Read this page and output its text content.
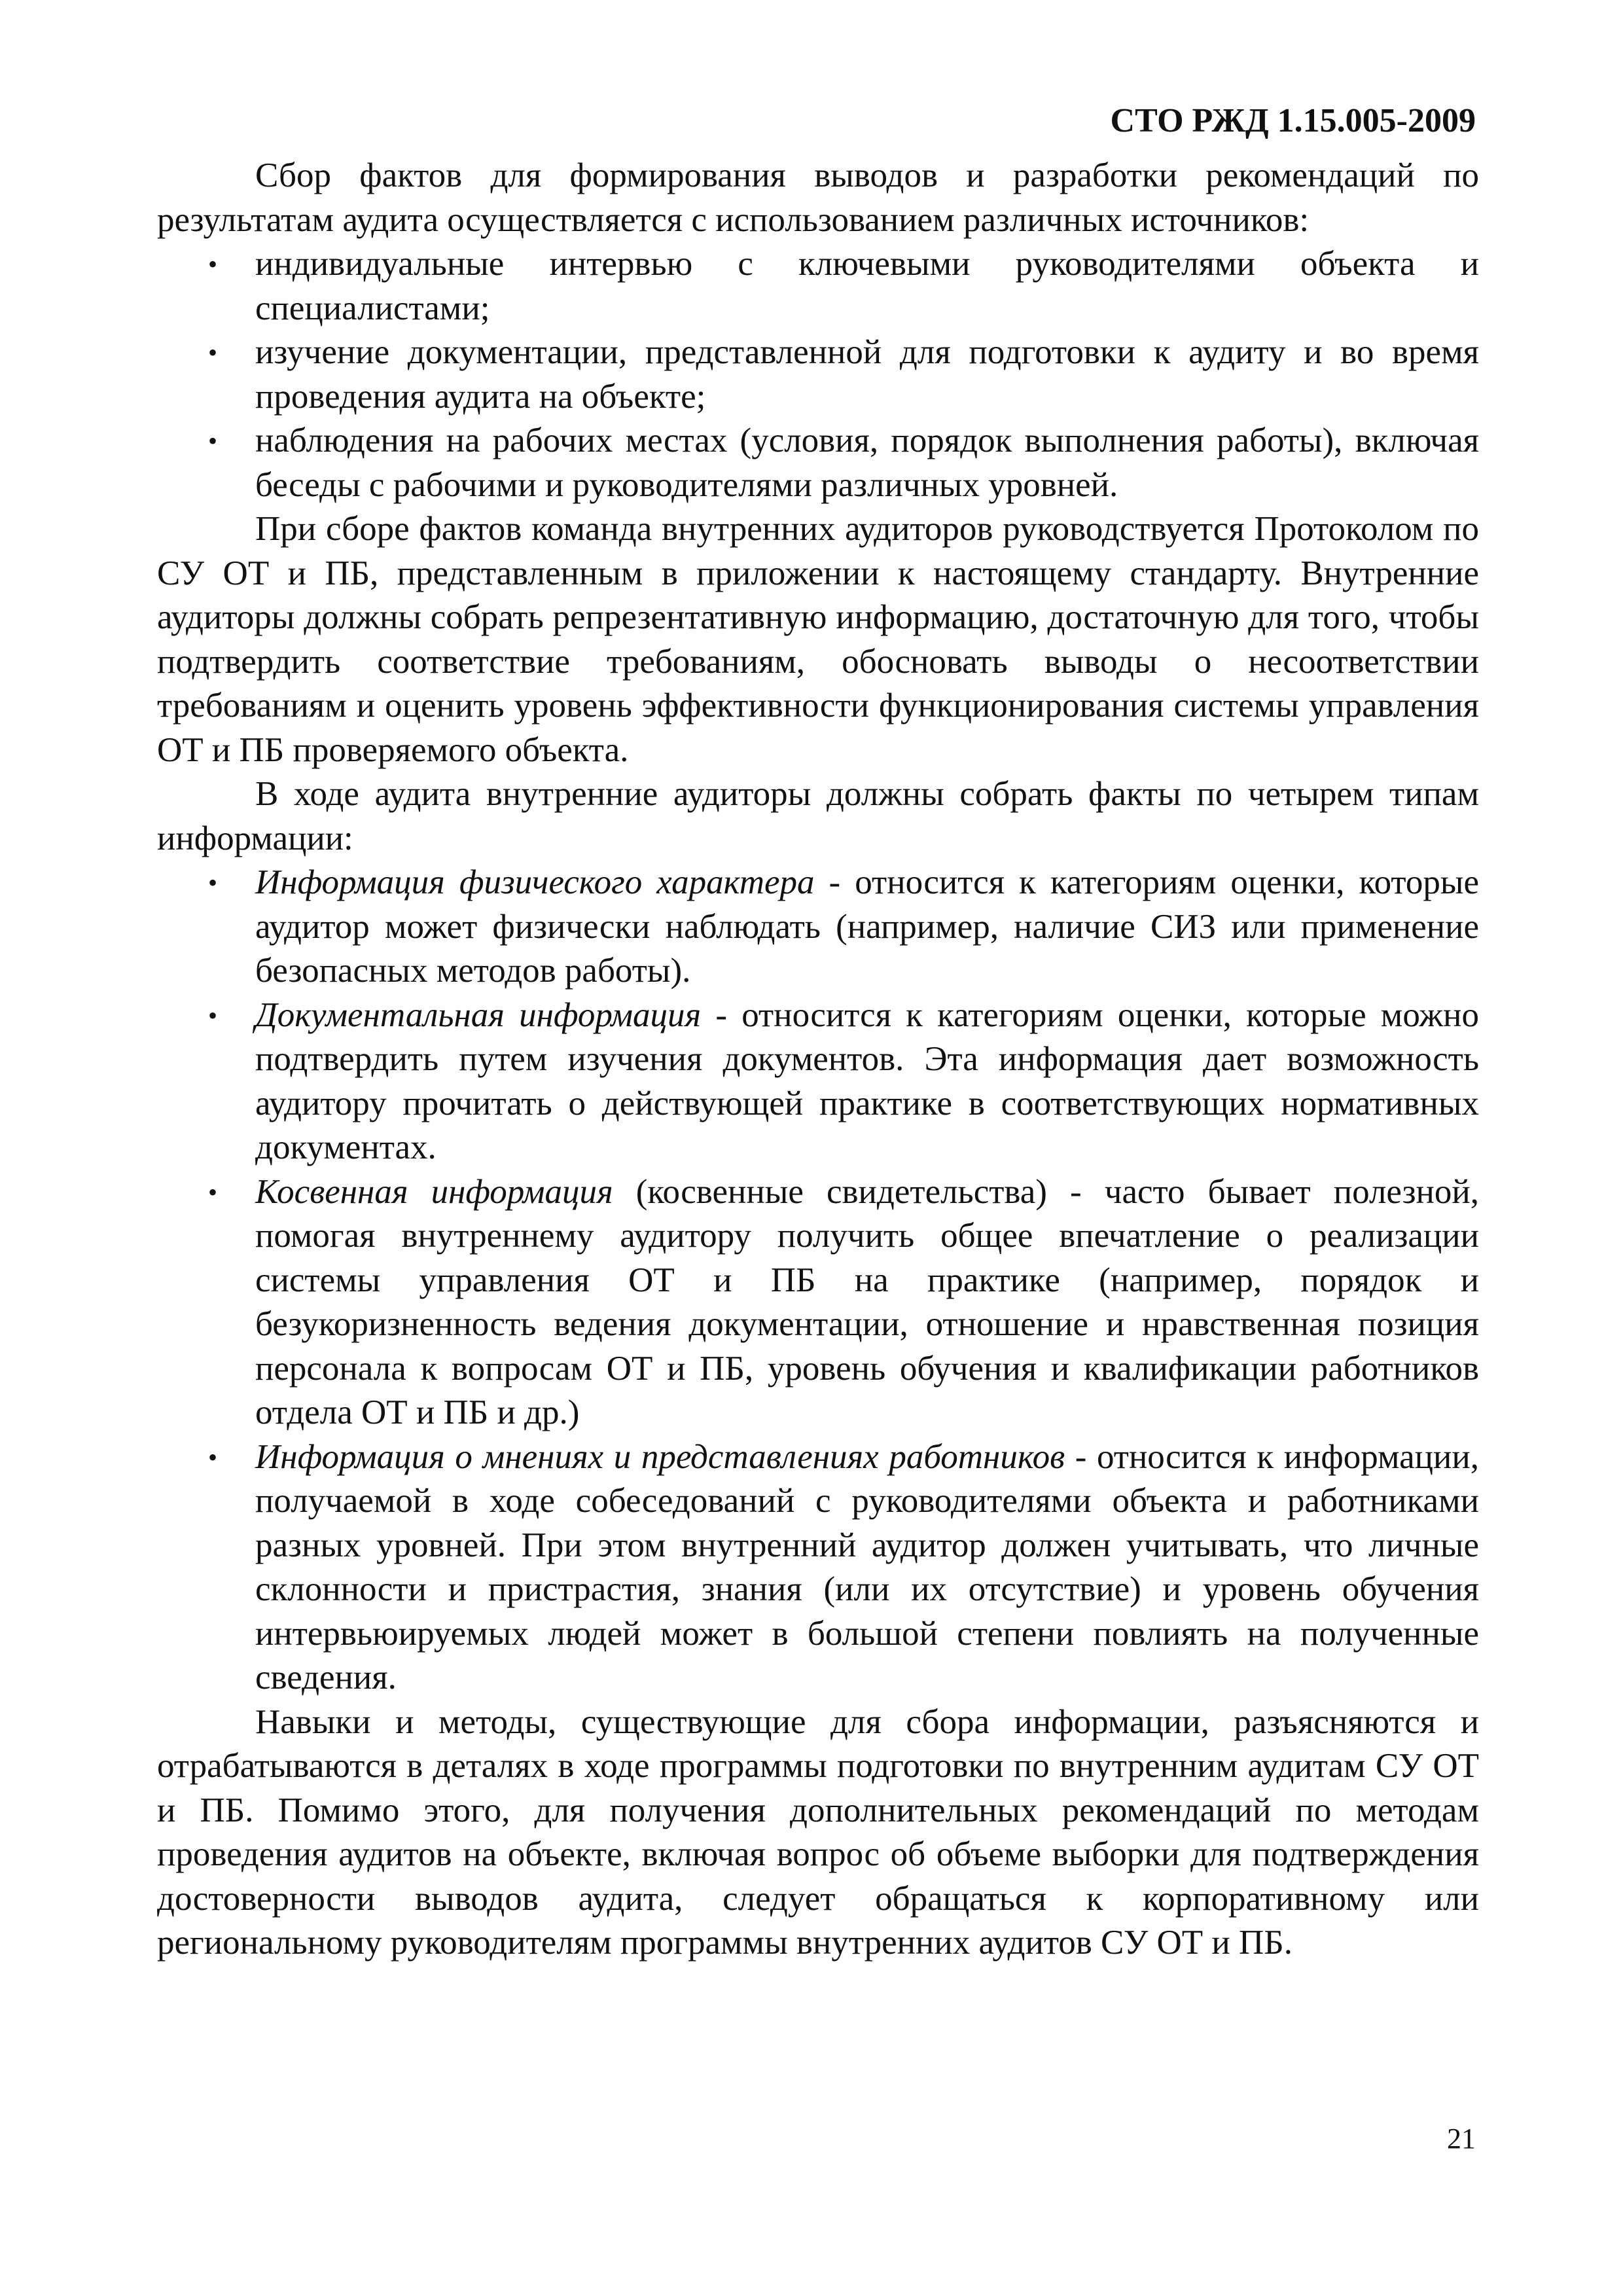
СТО РЖД 1.15.005-2009

Сбор фактов для формирования выводов и разработки рекомендаций по результатам аудита осуществляется с использованием различных источников:

• индивидуальные интервью с ключевыми руководителями объекта и специалистами;
• изучение документации, представленной для подготовки к аудиту и во время проведения аудита на объекте;
• наблюдения на рабочих местах (условия, порядок выполнения работы), включая беседы с рабочими и руководителями различных уровней.

При сборе фактов команда внутренних аудиторов руководствуется Протоколом по СУ ОТ и ПБ, представленным в приложении к настоящему стандарту. Внутренние аудиторы должны собрать репрезентативную информацию, достаточную для того, чтобы подтвердить соответствие требованиям, обосновать выводы о несоответствии требованиям и оценить уровень эффективности функционирования системы управления ОТ и ПБ проверяемого объекта.

В ходе аудита внутренние аудиторы должны собрать факты по четырем типам информации:

• Информация физического характера - относится к категориям оценки, которые аудитор может физически наблюдать (например, наличие СИЗ или применение безопасных методов работы).
• Документальная информация - относится к категориям оценки, которые можно подтвердить путем изучения документов. Эта информация дает возможность аудитору прочитать о действующей практике в соответствующих нормативных документах.
• Косвенная информация (косвенные свидетельства) - часто бывает полезной, помогая внутреннему аудитору получить общее впечатление о реализации системы управления ОТ и ПБ на практике (например, порядок и безукоризненность ведения документации, отношение и нравственная позиция персонала к вопросам ОТ и ПБ, уровень обучения и квалификации работников отдела ОТ и ПБ и др.)
• Информация о мнениях и представлениях работников - относится к информации, получаемой в ходе собеседований с руководителями объекта и работниками разных уровней. При этом внутренний аудитор должен учитывать, что личные склонности и пристрастия, знания (или их отсутствие) и уровень обучения интервьюируемых людей может в большой степени повлиять на полученные сведения.

Навыки и методы, существующие для сбора информации, разъясняются и отрабатываются в деталях в ходе программы подготовки по внутренним аудитам СУ ОТ и ПБ. Помимо этого, для получения дополнительных рекомендаций по методам проведения аудитов на объекте, включая вопрос об объеме выборки для подтверждения достоверности выводов аудита, следует обращаться к корпоративному или региональному руководителям программы внутренних аудитов СУ ОТ и ПБ.

21
